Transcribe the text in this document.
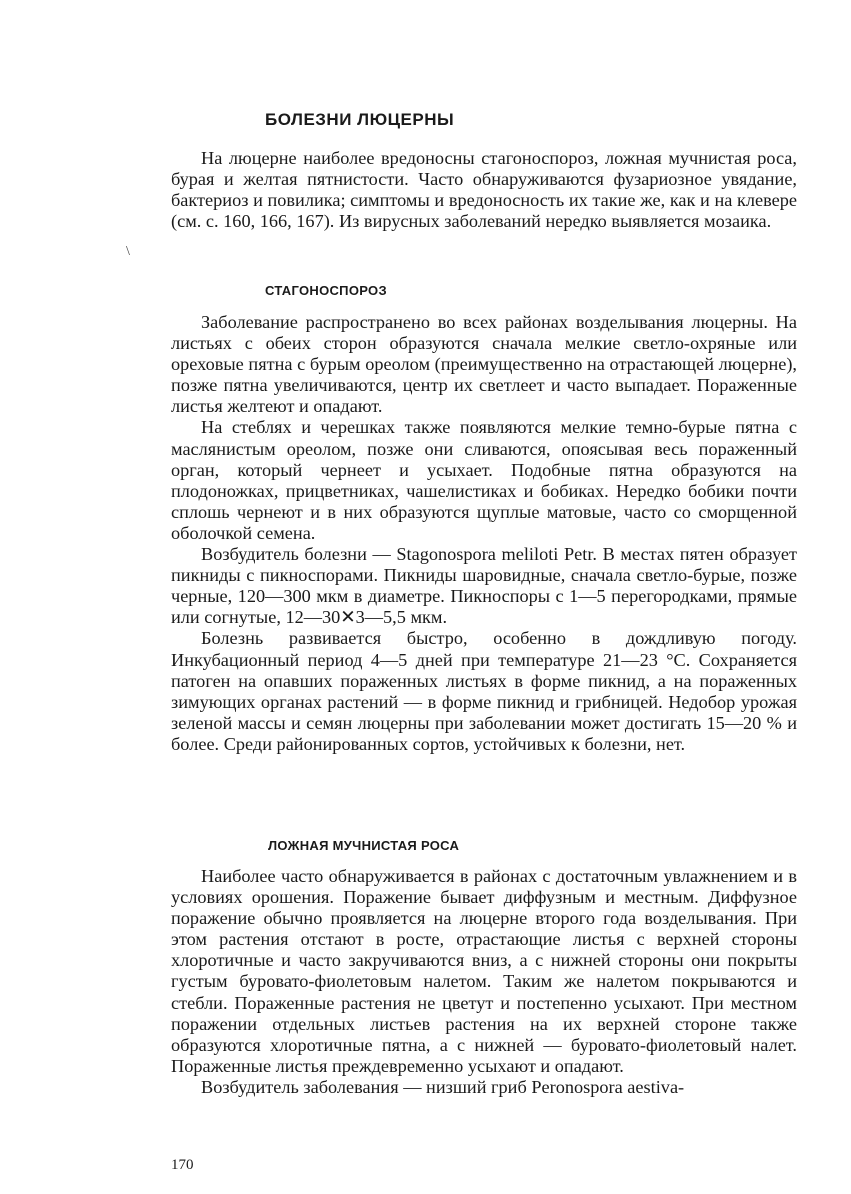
БОЛЕЗНИ ЛЮЦЕРНЫ

На люцерне наиболее вредоносны стагоноспороз, ложная мучнистая роса, бурая и желтая пятнистости. Часто обнаруживаются фузариозное увядание, бактериоз и повилика; симптомы и вредоносность их такие же, как и на клевере (см. с. 160, 166, 167). Из вирусных заболеваний нередко выявляется мозаика.

\
СТАГОНОСПОРОЗ

Заболевание распространено во всех районах возделывания люцерны. На листьях с обеих сторон образуются сначала мелкие светло-охряные или ореховые пятна с бурым ореолом (преимущественно на отрастающей люцерне), позже пятна увеличиваются, центр их светлеет и часто выпадает. Пораженные листья желтеют и опадают.

На стеблях и черешках также появляются мелкие темно-бурые пятна с маслянистым ореолом, позже они сливаются, опоясывая весь пораженный орган, который чернеет и усыхает. Подобные пятна образуются на плодоножках, прицветниках, чашелистиках и бобиках. Нередко бобики почти сплошь чернеют и в них образуются щуплые матовые, часто со сморщенной оболочкой семена.

Возбудитель болезни — Stagonospora meliloti Petr. В местах пятен образует пикниды с пикноспорами. Пикниды шаровидные, сначала светло-бурые, позже черные, 120—300 мкм в диаметре. Пикноспоры с 1—5 перегородками, прямые или согнутые, 12—30✕3—5,5 мкм.

Болезнь развивается быстро, особенно в дождливую погоду. Инкубационный период 4—5 дней при температуре 21—23 °С. Сохраняется патоген на опавших пораженных листьях в форме пикнид, а на пораженных зимующих органах растений — в форме пикнид и грибницей. Недобор урожая зеленой массы и семян люцерны при заболевании может достигать 15—20 % и более. Среди районированных сортов, устойчивых к болезни, нет.

ЛОЖНАЯ МУЧНИСТАЯ РОСА

Наиболее часто обнаруживается в районах с достаточным увлажнением и в условиях орошения. Поражение бывает диффузным и местным. Диффузное поражение обычно проявляется на люцерне второго года возделывания. При этом растения отстают в росте, отрастающие листья с верхней стороны хлоротичные и часто закручиваются вниз, а с нижней стороны они покрыты густым буровато-фиолетовым налетом. Таким же налетом покрываются и стебли. Пораженные растения не цветут и постепенно усыхают. При местном поражении отдельных листьев растения на их верхней стороне также образуются хлоротичные пятна, а с нижней — буровато-фиолетовый налет. Пораженные листья преждевременно усыхают и опадают.

Возбудитель заболевания — низший гриб Peronospora aestiva-

170
